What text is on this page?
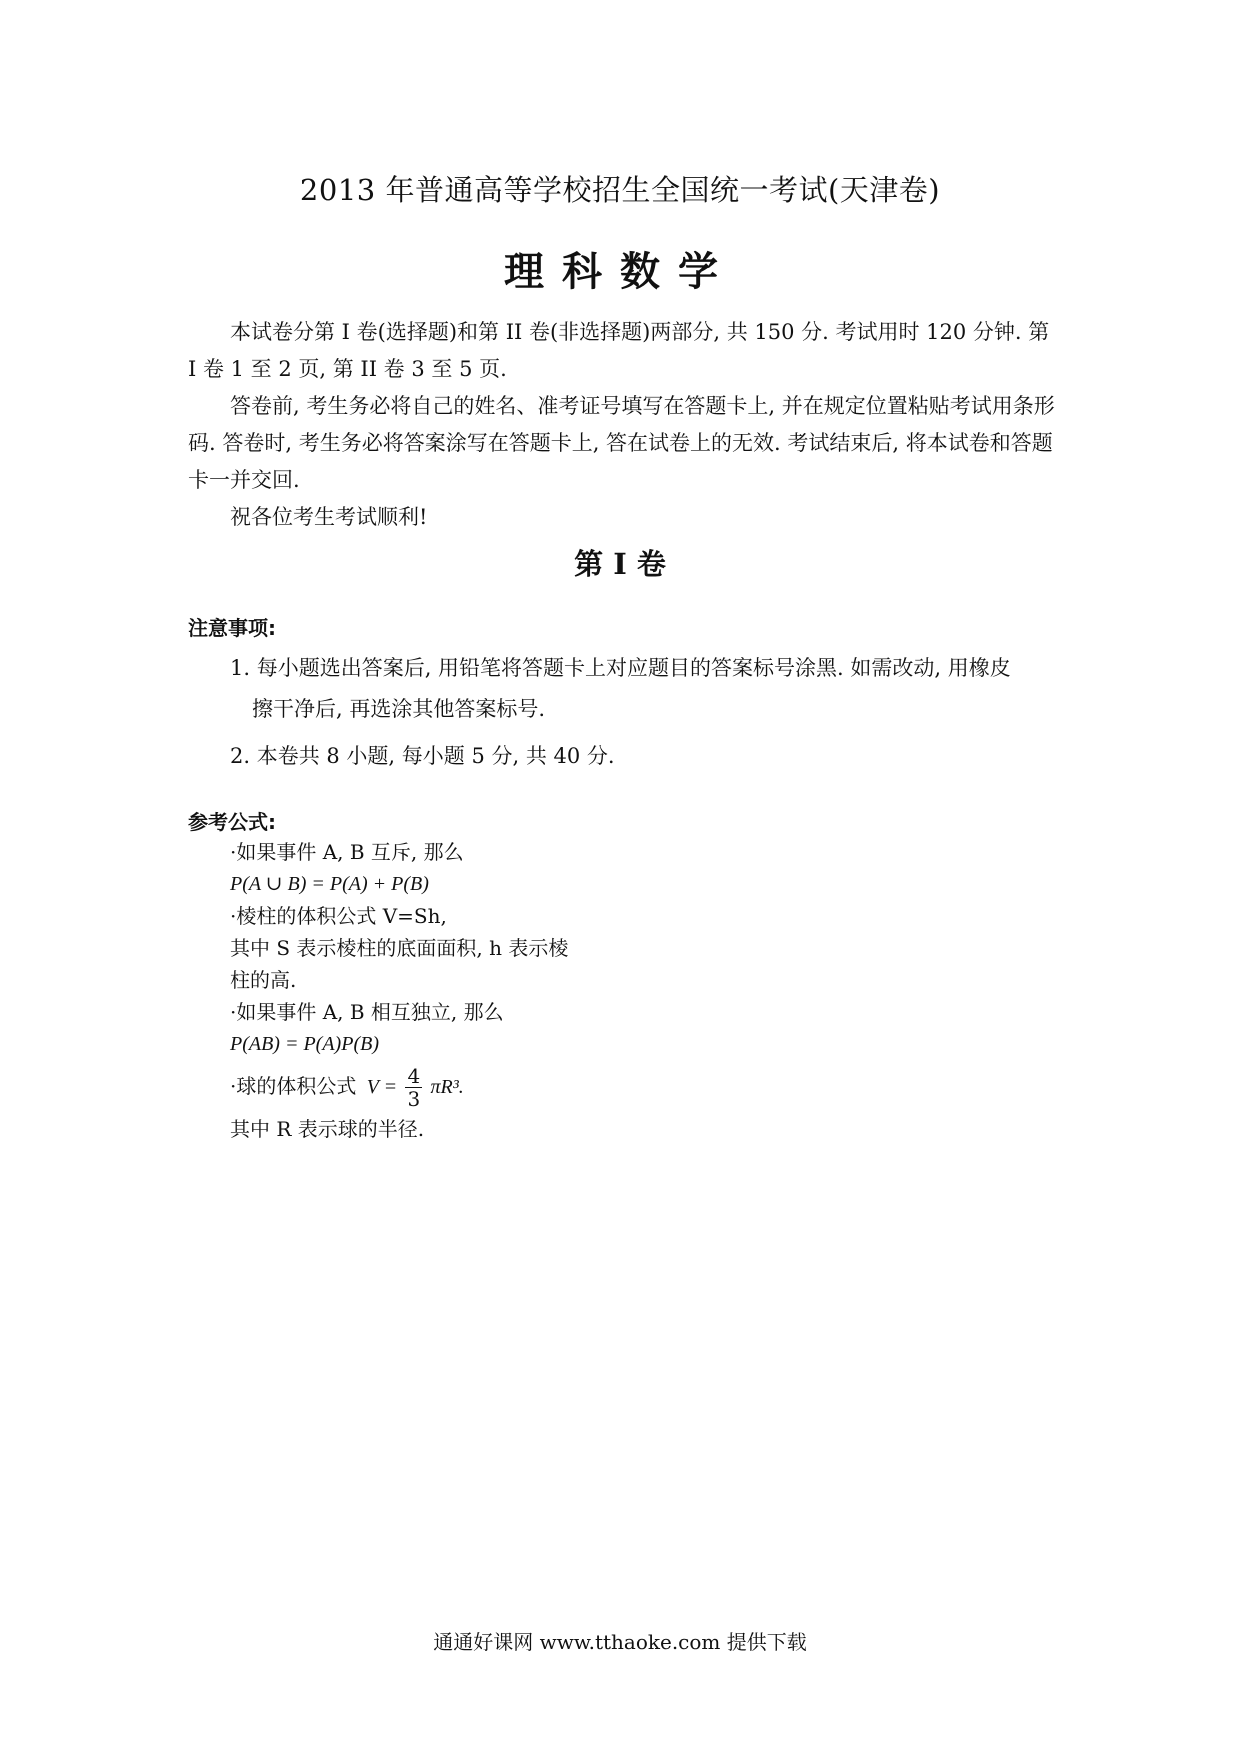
2013 年普通高等学校招生全国统一考试(天津卷)
理科数学

本试卷分第 I 卷(选择题)和第 II 卷(非选择题)两部分, 共 150 分. 考试用时 120 分钟. 第 I 卷 1 至 2 页, 第 II 卷 3 至 5 页.

答卷前, 考生务必将自己的姓名、准考证号填写在答题卡上, 并在规定位置粘贴考试用条形码. 答卷时, 考生务必将答案涂写在答题卡上, 答在试卷上的无效. 考试结束后, 将本试卷和答题卡一并交回.

祝各位考生考试顺利!

第 I 卷
注意事项:
1. 每小题选出答案后, 用铅笔将答题卡上对应题目的答案标号涂黑. 如需改动, 用橡皮
擦干净后, 再选涂其他答案标号.
2. 本卷共 8 小题, 每小题 5 分, 共 40 分.
参考公式:
·如果事件 A, B 互斥, 那么
P(A ∪ B) = P(A) + P(B)
·棱柱的体积公式 V=Sh,
其中 S 表示棱柱的底面面积, h 表示棱
柱的高.
·如果事件 A, B 相互独立, 那么
P(AB) = P(A)P(B)
·球的体积公式 $V = \frac{4}{3} \pi R^3$.
其中 R 表示球的半径.
通通好课网 www.tthaoke.com 提供下载
